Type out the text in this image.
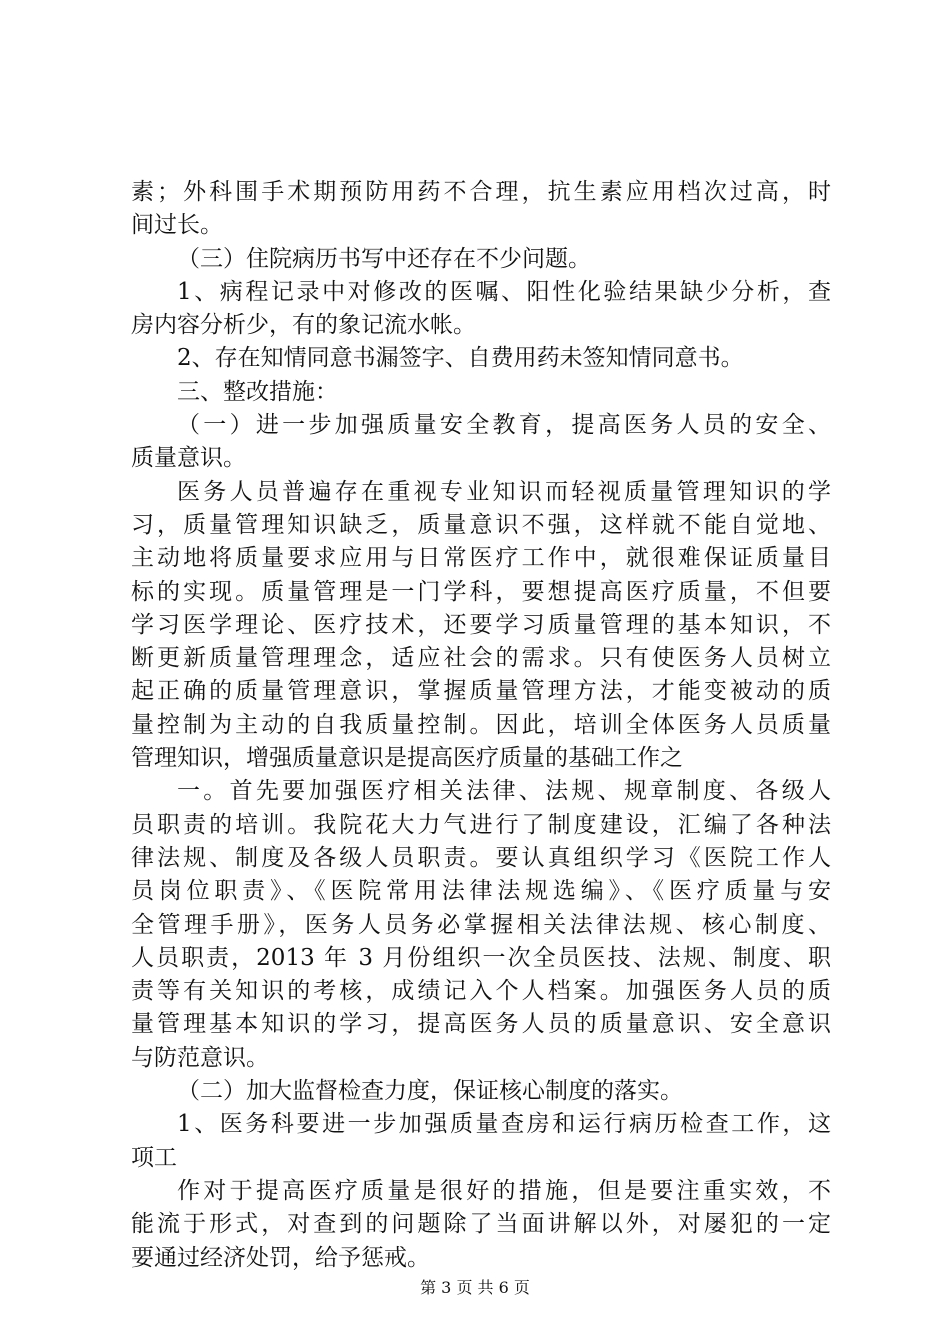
素；外科围手术期预防用药不合理，抗生素应用档次过高，时
间过长。
（三）住院病历书写中还存在不少问题。
1、病程记录中对修改的医嘱、阳性化验结果缺少分析，查
房内容分析少，有的象记流水帐。
2、存在知情同意书漏签字、自费用药未签知情同意书。
三、整改措施：
（一）进一步加强质量安全教育，提高医务人员的安全、
质量意识。
医务人员普遍存在重视专业知识而轻视质量管理知识的学
习，质量管理知识缺乏，质量意识不强，这样就不能自觉地、
主动地将质量要求应用与日常医疗工作中，就很难保证质量目
标的实现。质量管理是一门学科，要想提高医疗质量，不但要
学习医学理论、医疗技术，还要学习质量管理的基本知识，不
断更新质量管理理念，适应社会的需求。只有使医务人员树立
起正确的质量管理意识，掌握质量管理方法，才能变被动的质
量控制为主动的自我质量控制。因此，培训全体医务人员质量
管理知识，增强质量意识是提高医疗质量的基础工作之
一。首先要加强医疗相关法律、法规、规章制度、各级人
员职责的培训。我院花大力气进行了制度建设，汇编了各种法
律法规、制度及各级人员职责。要认真组织学习《医院工作人
员岗位职责》、《医院常用法律法规选编》、《医疗质量与安
全管理手册》，医务人员务必掌握相关法律法规、核心制度、
人员职责，2013 年 3 月份组织一次全员医技、法规、制度、职
责等有关知识的考核，成绩记入个人档案。加强医务人员的质
量管理基本知识的学习，提高医务人员的质量意识、安全意识
与防范意识。
（二）加大监督检查力度，保证核心制度的落实。
1、医务科要进一步加强质量查房和运行病历检查工作，这
项工
作对于提高医疗质量是很好的措施，但是要注重实效，不
能流于形式，对查到的问题除了当面讲解以外，对屡犯的一定
要通过经济处罚，给予惩戒。
第 3 页 共 6 页
